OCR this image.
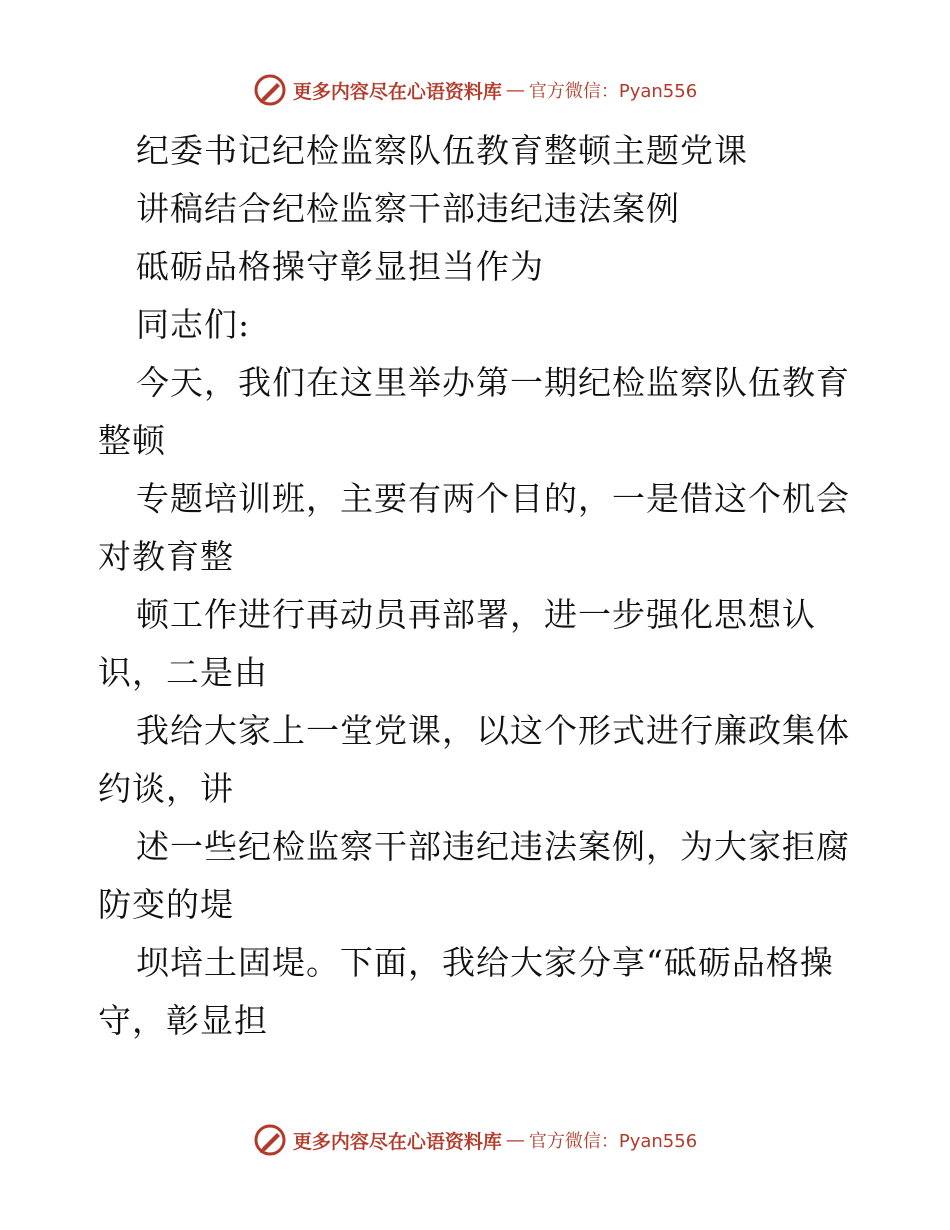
更多内容尽在心语资料库 — 官方微信：Pyan556
纪委书记纪检监察队伍教育整顿主题党课
讲稿结合纪检监察干部违纪违法案例
砥砺品格操守彰显担当作为
同志们:
今天，我们在这里举办第一期纪检监察队伍教育
整顿
专题培训班，主要有两个目的，一是借这个机会
对教育整
顿工作进行再动员再部署，进一步强化思想认
识，二是由
我给大家上一堂党课，以这个形式进行廉政集体
约谈，讲
述一些纪检监察干部违纪违法案例，为大家拒腐
防变的堤
坝培土固堤。下面，我给大家分享“砥砺品格操
守，彰显担
更多内容尽在心语资料库 — 官方微信：Pyan556
